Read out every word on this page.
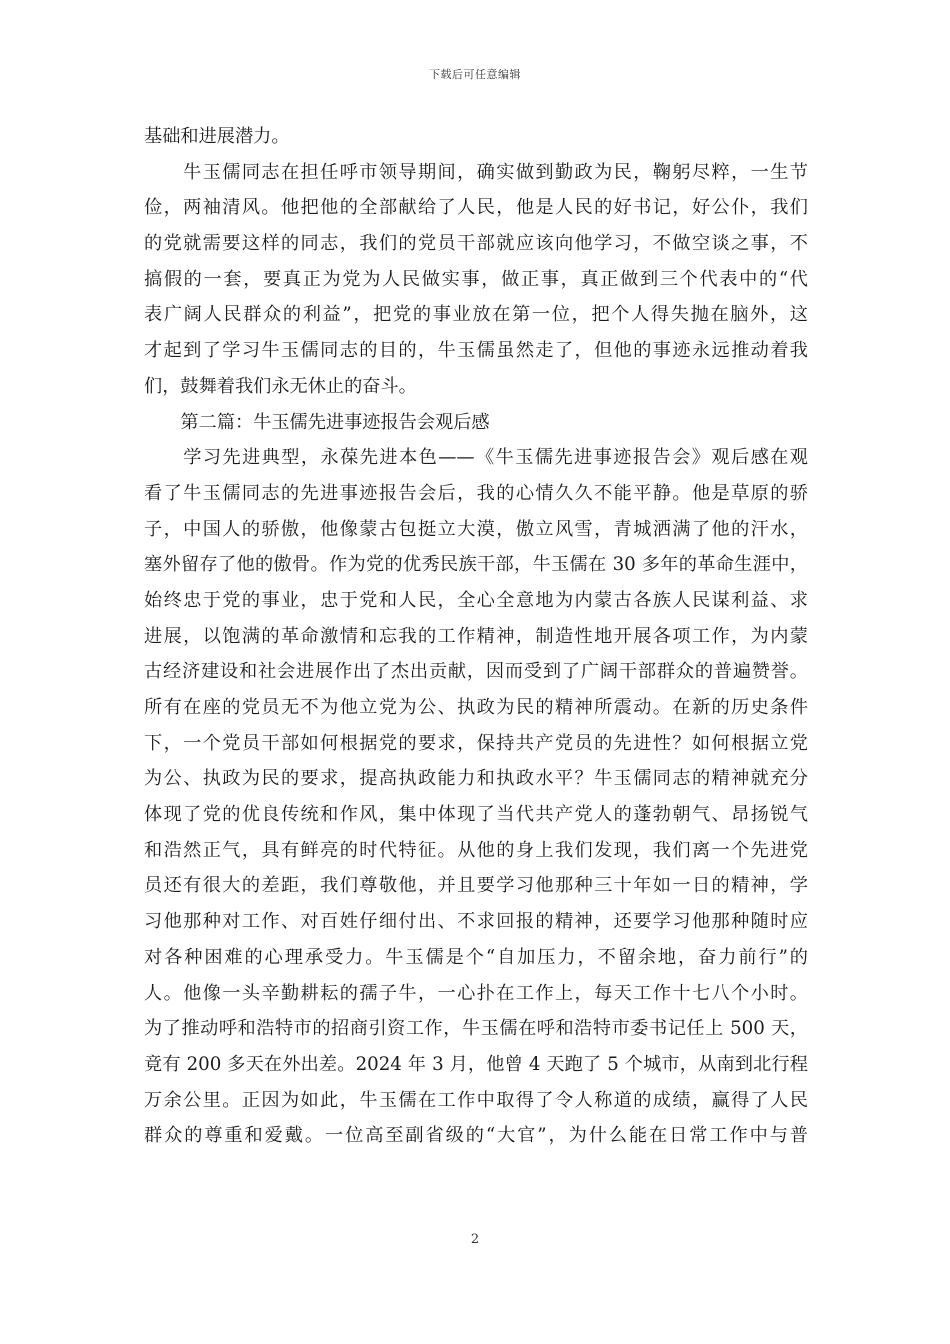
下载后可任意编辑
基础和进展潜力。
　　牛玉儒同志在担任呼市领导期间，确实做到勤政为民，鞠躬尽粹，一生节
俭，两袖清风。他把他的全部献给了人民，他是人民的好书记，好公仆，我们
的党就需要这样的同志，我们的党员干部就应该向他学习，不做空谈之事，不
搞假的一套，要真正为党为人民做实事，做正事，真正做到三个代表中的“代
表广阔人民群众的利益”，把党的事业放在第一位，把个人得失抛在脑外，这
才起到了学习牛玉儒同志的目的，牛玉儒虽然走了，但他的事迹永远推动着我
们，鼓舞着我们永无休止的奋斗。
　　第二篇：牛玉儒先进事迹报告会观后感
　　学习先进典型，永葆先进本色——《牛玉儒先进事迹报告会》观后感在观
看了牛玉儒同志的先进事迹报告会后，我的心情久久不能平静。他是草原的骄
子，中国人的骄傲，他像蒙古包挺立大漠，傲立风雪，青城洒满了他的汗水，
塞外留存了他的傲骨。作为党的优秀民族干部，牛玉儒在 30 多年的革命生涯中，
始终忠于党的事业，忠于党和人民，全心全意地为内蒙古各族人民谋利益、求
进展，以饱满的革命激情和忘我的工作精神，制造性地开展各项工作，为内蒙
古经济建设和社会进展作出了杰出贡献，因而受到了广阔干部群众的普遍赞誉。
所有在座的党员无不为他立党为公、执政为民的精神所震动。在新的历史条件
下，一个党员干部如何根据党的要求，保持共产党员的先进性？如何根据立党
为公、执政为民的要求，提高执政能力和执政水平？牛玉儒同志的精神就充分
体现了党的优良传统和作风，集中体现了当代共产党人的蓬勃朝气、昂扬锐气
和浩然正气，具有鲜亮的时代特征。从他的身上我们发现，我们离一个先进党
员还有很大的差距，我们尊敬他，并且要学习他那种三十年如一日的精神，学
习他那种对工作、对百姓仔细付出、不求回报的精神，还要学习他那种随时应
对各种困难的心理承受力。牛玉儒是个“自加压力，不留余地，奋力前行”的
人。他像一头辛勤耕耘的孺子牛，一心扑在工作上，每天工作十七八个小时。
为了推动呼和浩特市的招商引资工作，牛玉儒在呼和浩特市委书记任上 500 天，
竟有 200 多天在外出差。2024 年 3 月，他曾 4 天跑了 5 个城市，从南到北行程
万余公里。正因为如此，牛玉儒在工作中取得了令人称道的成绩，赢得了人民
群众的尊重和爱戴。一位高至副省级的“大官”，为什么能在日常工作中与普
2
